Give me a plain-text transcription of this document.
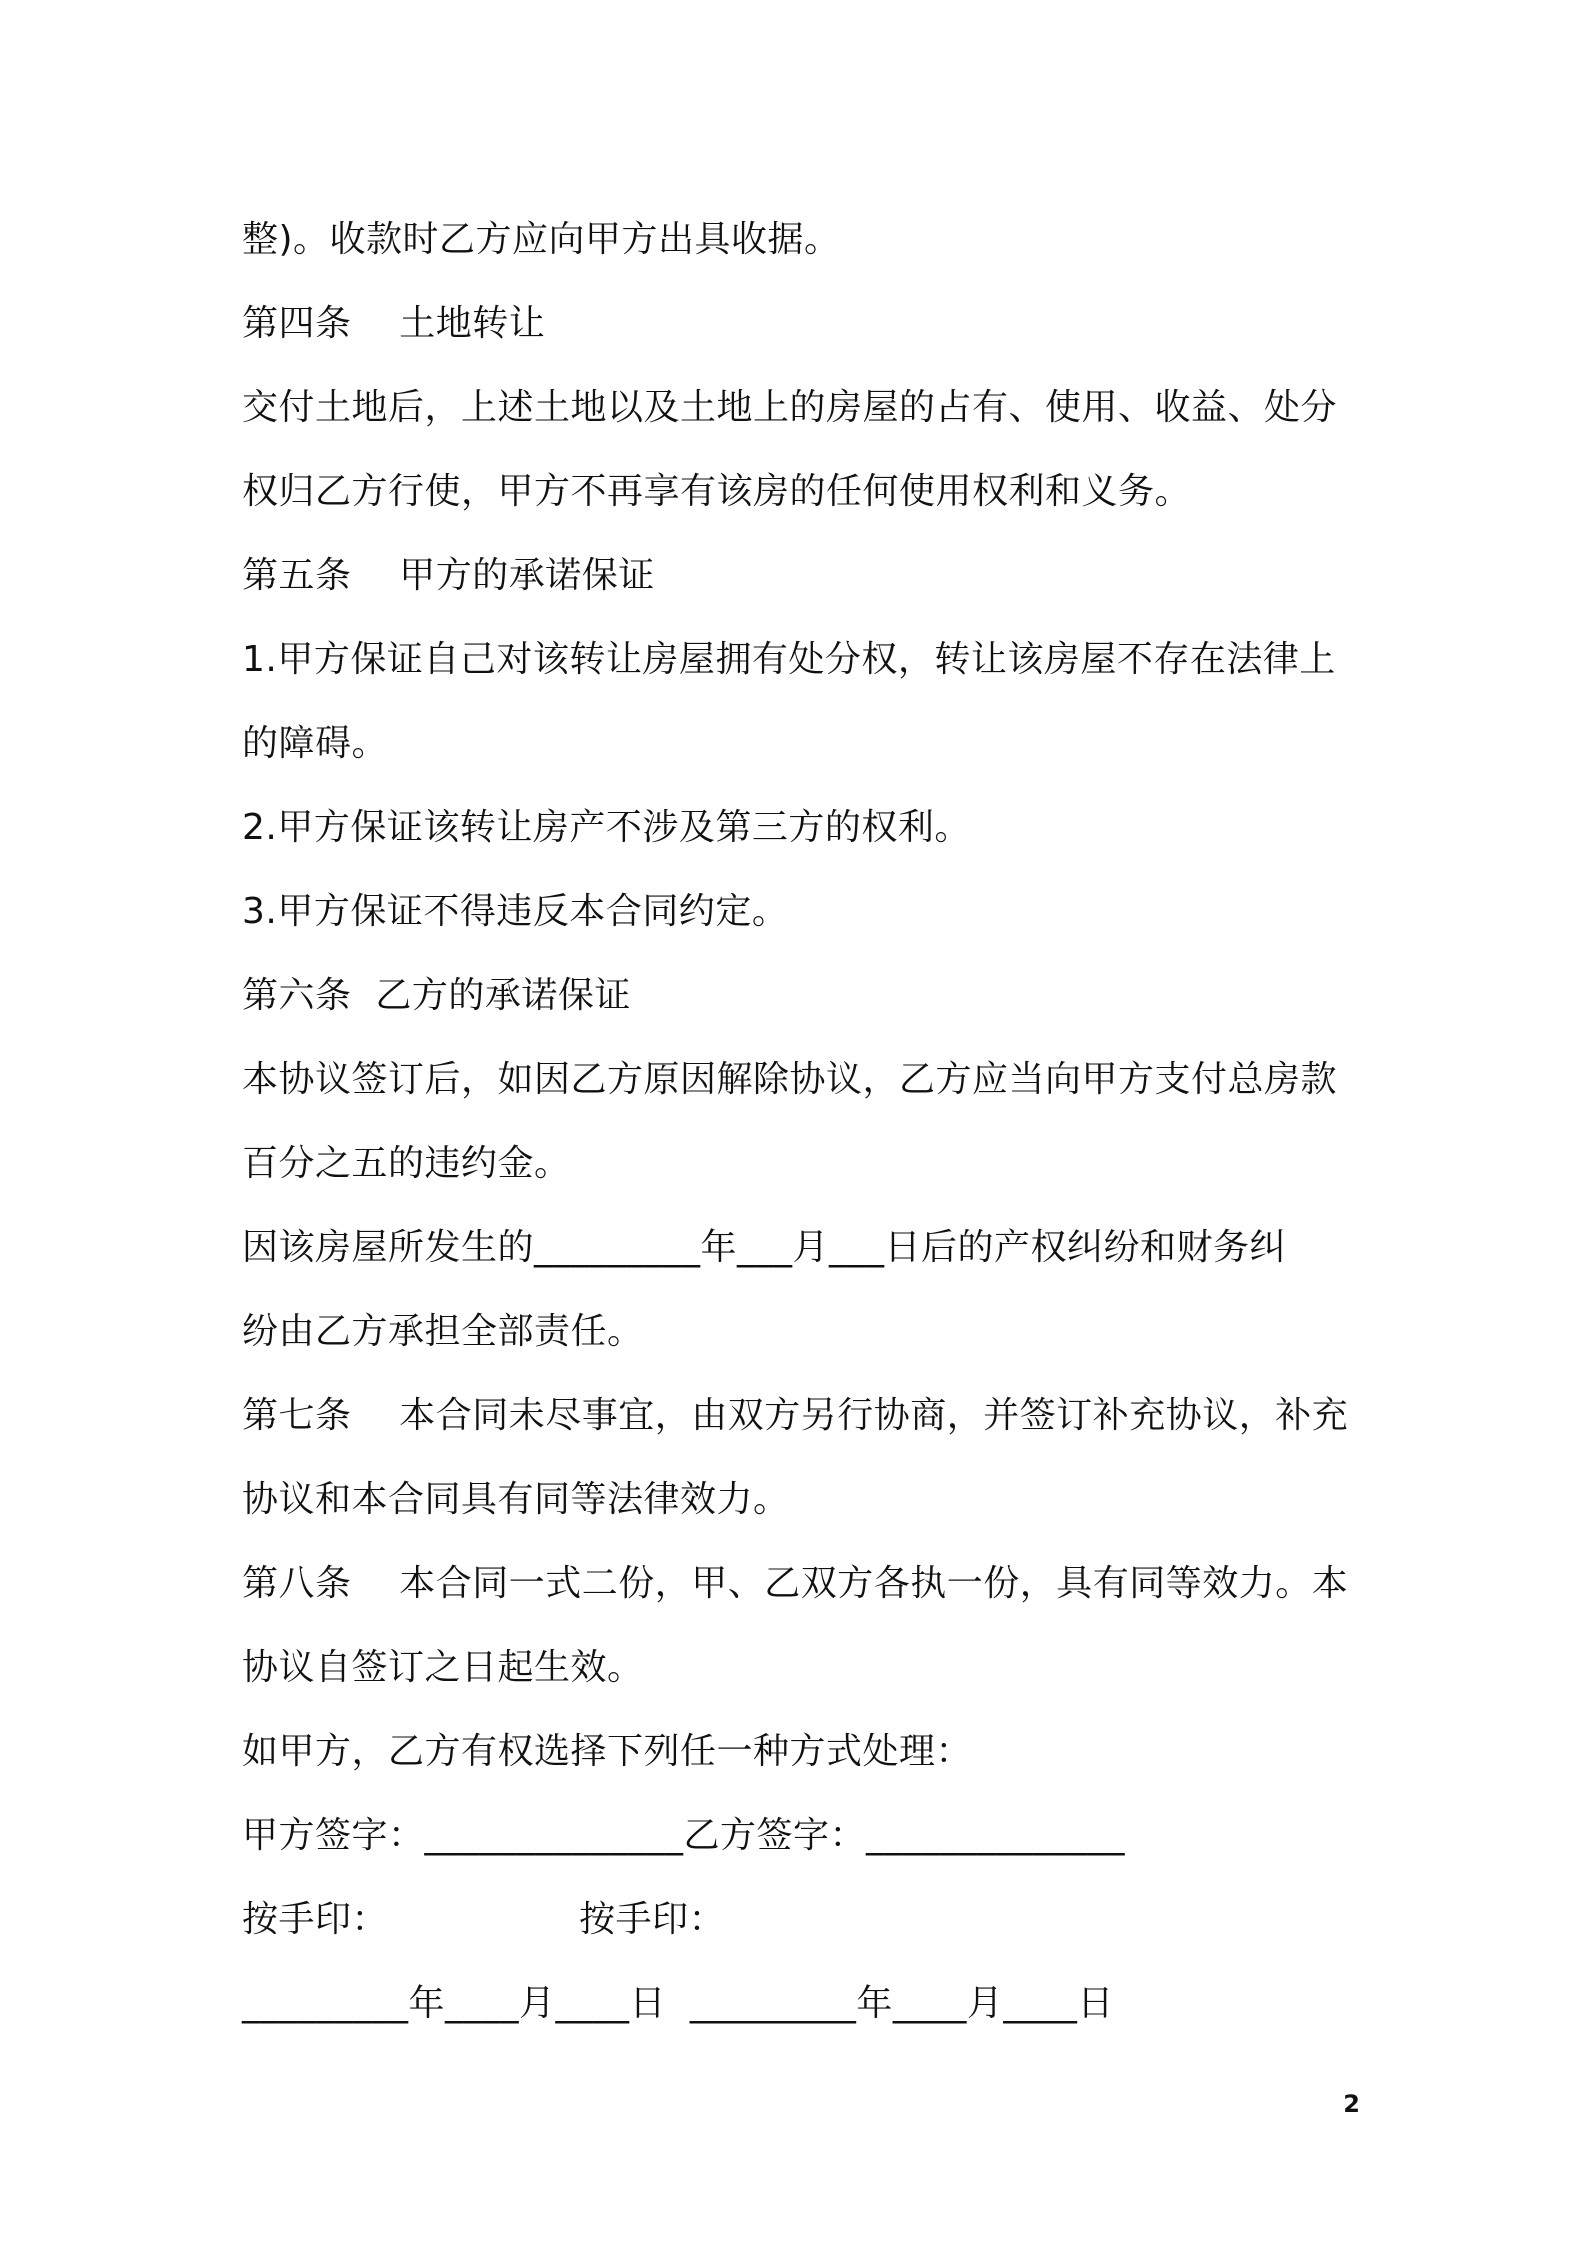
整)。收款时乙方应向甲方出具收据。
第四条    土地转让
交付土地后，上述土地以及土地上的房屋的占有、使用、收益、处分
权归乙方行使，甲方不再享有该房的任何使用权利和义务。
第五条    甲方的承诺保证
1.甲方保证自己对该转让房屋拥有处分权，转让该房屋不存在法律上
的障碍。
2.甲方保证该转让房产不涉及第三方的权利。
3.甲方保证不得违反本合同约定。
第六条  乙方的承诺保证
本协议签订后，如因乙方原因解除协议，乙方应当向甲方支付总房款
百分之五的违约金。
因该房屋所发生的_________年___月___日后的产权纠纷和财务纠
纷由乙方承担全部责任。
第七条    本合同未尽事宜，由双方另行协商，并签订补充协议，补充
协议和本合同具有同等法律效力。
第八条    本合同一式二份，甲、乙双方各执一份，具有同等效力。本
协议自签订之日起生效。
如甲方，乙方有权选择下列任一种方式处理：
甲方签字：______________乙方签字：______________
按手印：                按手印：
_________年____月____日  _________年____月____日
2
